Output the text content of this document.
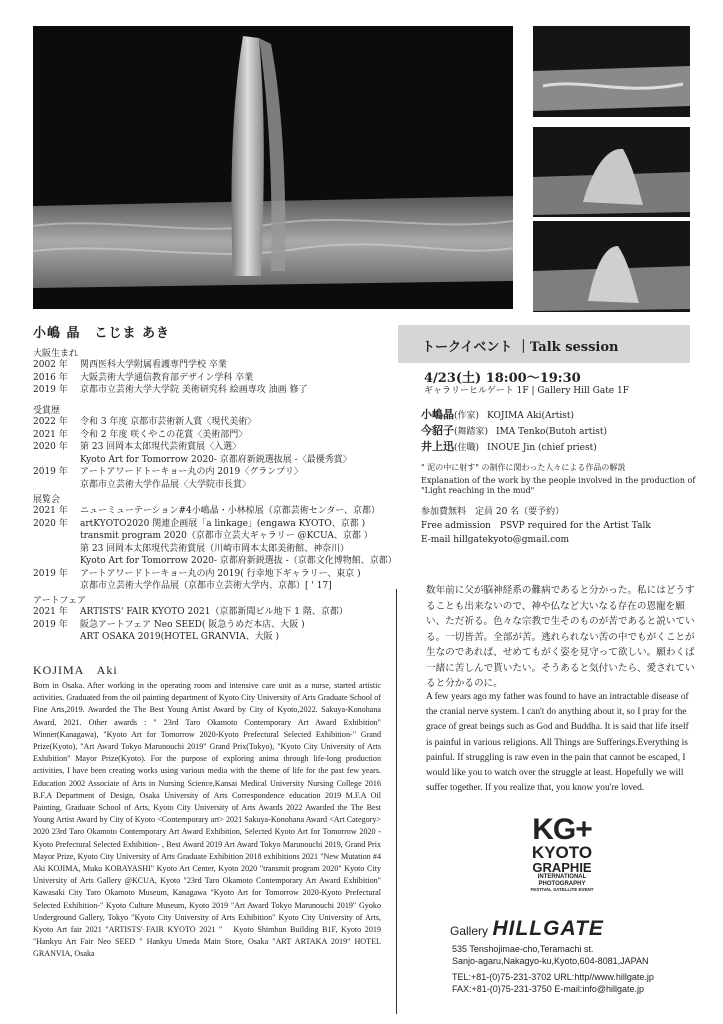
小嶋 晶　こじま あき
大阪生まれ
2002 年 関西医科大学附属看護専門学校 卒業
2016 年 大阪芸術大学通信教育部デザイン学科 卒業
2019 年 京都市立芸術大学大学院 美術研究科 絵画専攻 油画 修了
受賞歴
2022 年 令和 3 年度 京都市芸術新人賞〈現代美術〉
2021 年 令和 2 年度 咲くやこの花賞〈美術部門〉
2020 年 第 23 回岡本太郎現代芸術賞展〈入選〉
Kyoto Art for Tomorrow 2020- 京都府新鋭選抜展 -〈最優秀賞〉
2019 年 アートアワードトーキョー丸の内 2019〈グランプリ〉
京都市立芸術大学作品展〈大学院市長賞〉
展覧会
2021 年 ニューミューテーション#4小嶋晶・小林椋展（京都芸術センター、京都）
2020 年 artKYOTO2020 関連企画展「a linkage」(engawa KYOTO、京都 )
transmit program 2020（京都市立芸大ギャラリー @KCUA、京都 ）
第 23 回岡本太郎現代芸術賞展（川崎市岡本太郎美術館、神奈川）
Kyoto Art for Tomorrow 2020- 京都府新鋭選抜 -（京都文化博物館、京都）
2019 年 アートアワードトーキョー丸の内 2019( 行幸地下ギャラリー、東京 )
京都市立芸術大学作品展（京都市立芸術大学内、京都）[ ' 17]
アートフェア
2021 年 ARTISTS' FAIR KYOTO 2021（京都新聞ビル地下 1 階、京都）
2019 年 阪急アートフェア Neo SEED( 阪急うめだ本店、大阪 )
ART OSAKA 2019(HOTEL GRANVIA、大阪 )
KOJIMA　Aki
Born in Osaka. After working in the operating room and intensive care unit as a nurse, started artistic activities. Graduated from the oil painting department of Kyoto City University of Arts Graduate School of Fine Arts,2019. Awarded the The Best Young Artist Award by City of Kyoto,2022. Sakuya-Konohana Award, 2021. Other awards : " 23rd Taro Okamoto Contemporary Art Award Exhibition" Winner(Kanagawa), "Kyoto Art for Tomorrow 2020-Kyoto Prefectural Selected Exhibition-" Grand Prize(Kyoto), "Art Award Tokyo Marunouchi 2019" Grand Prix(Tokyo), "Kyoto City University of Arts Exhibition" Mayor Prize(Kyoto). For the purpose of exploring anima through life-long production activities, I have been creating works using various media with the theme of life for the past few years.　Education 2002 Associate of Arts in Nursing Science,Kansai Medical University Nursing College 2016 B.F.A Department of Design, Osaka University of Arts Correspondence education 2019 M.F.A Oil Painting, Graduate School of Arts, Kyoto City University of Arts Awards 2022 Awarded the The Best Young Artist Award by City of Kyoto <Contemporary art> 2021 Sakuya-Konohana Award <Art Category> 2020 23rd Taro Okamoto Contemporary Art Award Exhibition, Selected Kyoto Art for Tomorrow 2020 -Kyoto Prefectural Selected Exhibition- , Best Award 2019 Art Award Tokyo Marunouchi 2019, Grand Prix Mayor Prize, Kyoto City University of Arts Graduate Exhibition 2018 exhibitions 2021 "New Mutation #4 Aki KOJIMA, Muku KOBAYASHI" Kyoto Art Center, Kyoto 2020 "transmit program 2020" Kyoto City University of Arts Gallery @KCUA, Kyoto "23rd Taro Okamoto Contemporary Art Award Exhibition" Kawasaki City Taro Okamoto Museum, Kanagawa "Kyoto Art for Tomorrow 2020-Kyoto Prefectural Selected Exhibition-" Kyoto Culture Museum, Kyoto 2019 "Art Award Tokyo Marunouchi 2019" Gyoko Underground Gallery, Tokyo "Kyoto City University of Arts Exhibition" Kyoto City University of Arts, Kyoto Art fair 2021 "ARTISTS' FAIR KYOTO 2021 "　Kyoto Shimbun Building B1F, Kyoto 2019 "Hankyu Art Fair Neo SEED " Hankyu Umeda Main Store, Osaka "ART ARTAKA 2019" HOTEL GRANVIA, Osaka
トークイベント ｜Talk session
4/23(土) 18:00～19:30
ギャラリーヒルゲート 1F | Gallery Hill Gate 1F
小嶋晶(作家) KOJIMA Aki(Artist)
今貂子(舞踏家) IMA Tenko(Butoh artist)
井上迅(住職) INOUE Jin (chief priest)
" 泥の中に射す" の制作に関わった人々による作品の解説
Explanation of the work by the people involved in the production of
"Light reaching in the mud"
参加費無料　定員 20 名（要予約）
Free admission　PSVP required for the Artist Talk
E-mail hillgatekyoto@gmail.com
数年前に父が脳神経系の難病であると分かった。私にはどうすることも出来ないので、神や仏など大いなる存在の恩寵を願い、ただ祈る。色々な宗教で生そのものが苦であると説いている。一切皆苦。全部が苦。逃れられない苦の中でもがくことが生なのであれば、せめてもがく姿を見守って欲しい。願わくば一緒に苦しんで貰いたい。そうあると気付いたら、愛されていると分かるのに。
A few years ago my father was found to have an intractable disease of the cranial nerve system. I can't do anything about it, so I pray for the grace of great beings such as God and Buddha. It is said that life itself is painful in various religions. All Things are Sufferings.Everything is painful. If struggling is raw even in the pain that cannot be escaped, I would like you to watch over the struggle at least. Hopefully we will suffer together. If you realize that, you know you're loved.
KG+
KYOTO
GRAPHIE
INTERNATIONAL
PHOTOGRAPHY
FESTIVAL SATELLITE EVENT
Gallery HILLGATE
535 Tenshojimae-cho,Teramachi st.
Sanjo-agaru,Nakagyo-ku,Kyoto,604-8081,JAPAN
TEL:+81-(0)75-231-3702 URL:http//www.hillgate.jp
FAX:+81-(0)75-231-3750 E-mail:info@hillgate.jp
